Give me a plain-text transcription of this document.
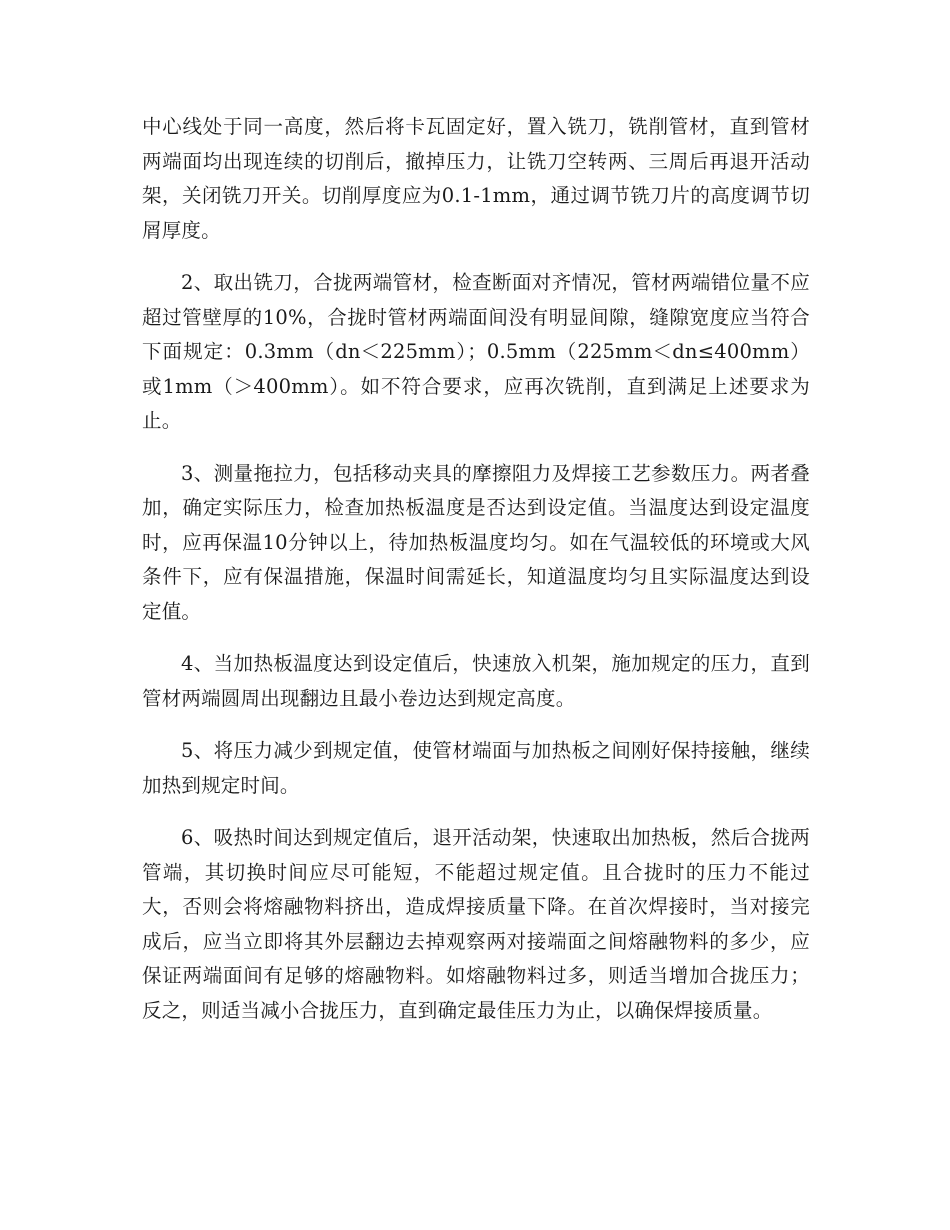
中心线处于同一高度，然后将卡瓦固定好，置入铣刀，铣削管材，直到管材两端面均出现连续的切削后，撤掉压力，让铣刀空转两、三周后再退开活动架，关闭铣刀开关。切削厚度应为0.1-1mm，通过调节铣刀片的高度调节切屑厚度。

2、取出铣刀，合拢两端管材，检查断面对齐情况，管材两端错位量不应超过管壁厚的10%，合拢时管材两端面间没有明显间隙，缝隙宽度应当符合下面规定：0.3mm（dn＜225mm）；0.5mm（225mm＜dn≤400mm）或1mm（＞400mm）。如不符合要求，应再次铣削，直到满足上述要求为止。

3、测量拖拉力，包括移动夹具的摩擦阻力及焊接工艺参数压力。两者叠加，确定实际压力，检查加热板温度是否达到设定值。当温度达到设定温度时，应再保温10分钟以上，待加热板温度均匀。如在气温较低的环境或大风条件下，应有保温措施，保温时间需延长，知道温度均匀且实际温度达到设定值。

4、当加热板温度达到设定值后，快速放入机架，施加规定的压力，直到管材两端圆周出现翻边且最小卷边达到规定高度。

5、将压力减少到规定值，使管材端面与加热板之间刚好保持接触，继续加热到规定时间。

6、吸热时间达到规定值后，退开活动架，快速取出加热板，然后合拢两管端，其切换时间应尽可能短，不能超过规定值。且合拢时的压力不能过大，否则会将熔融物料挤出，造成焊接质量下降。在首次焊接时，当对接完成后，应当立即将其外层翻边去掉观察两对接端面之间熔融物料的多少，应保证两端面间有足够的熔融物料。如熔融物料过多，则适当增加合拢压力；反之，则适当减小合拢压力，直到确定最佳压力为止，以确保焊接质量。
